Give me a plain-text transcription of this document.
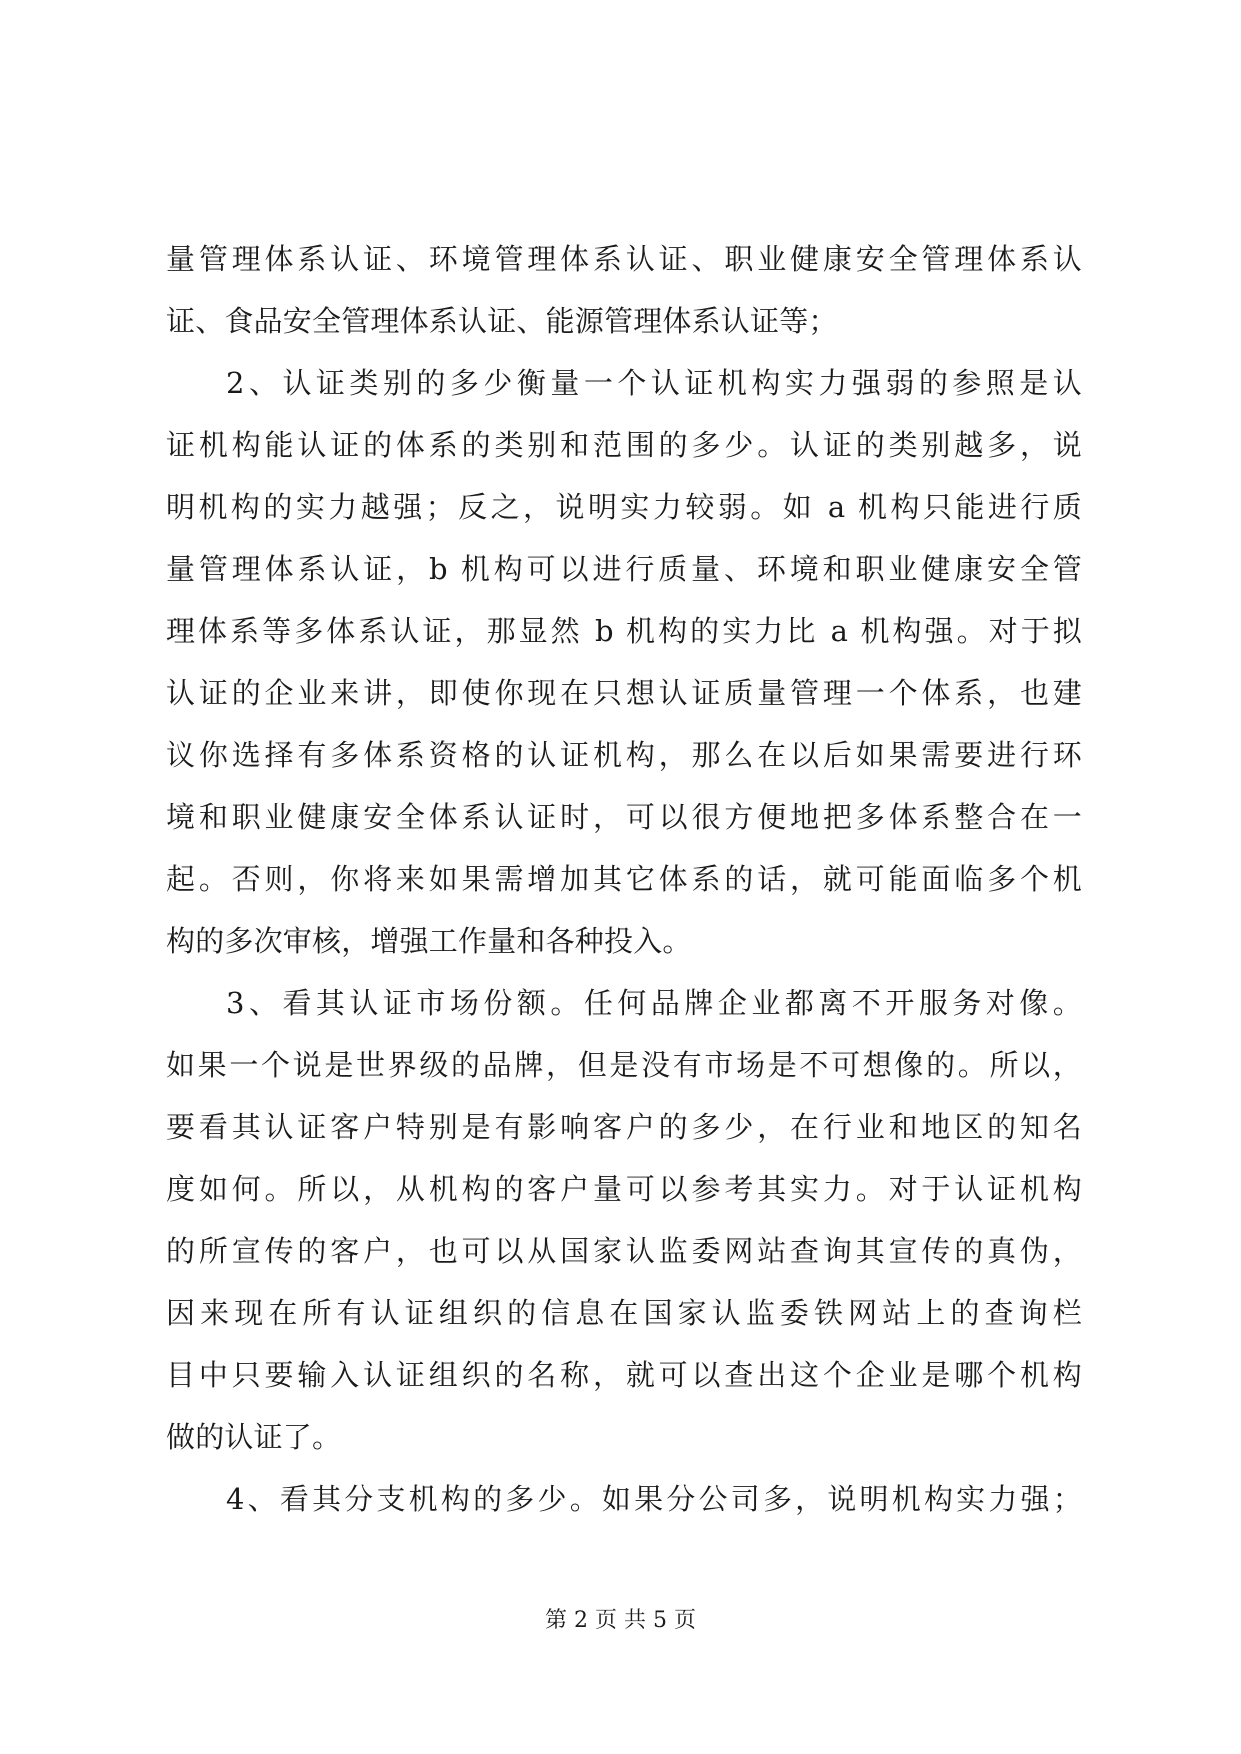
量管理体系认证、环境管理体系认证、职业健康安全管理体系认
证、食品安全管理体系认证、能源管理体系认证等；
2、认证类别的多少衡量一个认证机构实力强弱的参照是认
证机构能认证的体系的类别和范围的多少。认证的类别越多，说
明机构的实力越强；反之，说明实力较弱。如 a 机构只能进行质
量管理体系认证，b 机构可以进行质量、环境和职业健康安全管
理体系等多体系认证，那显然 b 机构的实力比 a 机构强。对于拟
认证的企业来讲，即使你现在只想认证质量管理一个体系，也建
议你选择有多体系资格的认证机构，那么在以后如果需要进行环
境和职业健康安全体系认证时，可以很方便地把多体系整合在一
起。否则，你将来如果需增加其它体系的话，就可能面临多个机
构的多次审核，增强工作量和各种投入。
3、看其认证市场份额。任何品牌企业都离不开服务对像。
如果一个说是世界级的品牌，但是没有市场是不可想像的。所以，
要看其认证客户特别是有影响客户的多少，在行业和地区的知名
度如何。所以，从机构的客户量可以参考其实力。对于认证机构
的所宣传的客户，也可以从国家认监委网站查询其宣传的真伪，
因来现在所有认证组织的信息在国家认监委铁网站上的查询栏
目中只要输入认证组织的名称，就可以查出这个企业是哪个机构
做的认证了。
4、看其分支机构的多少。如果分公司多，说明机构实力强；
第 2 页 共 5 页
